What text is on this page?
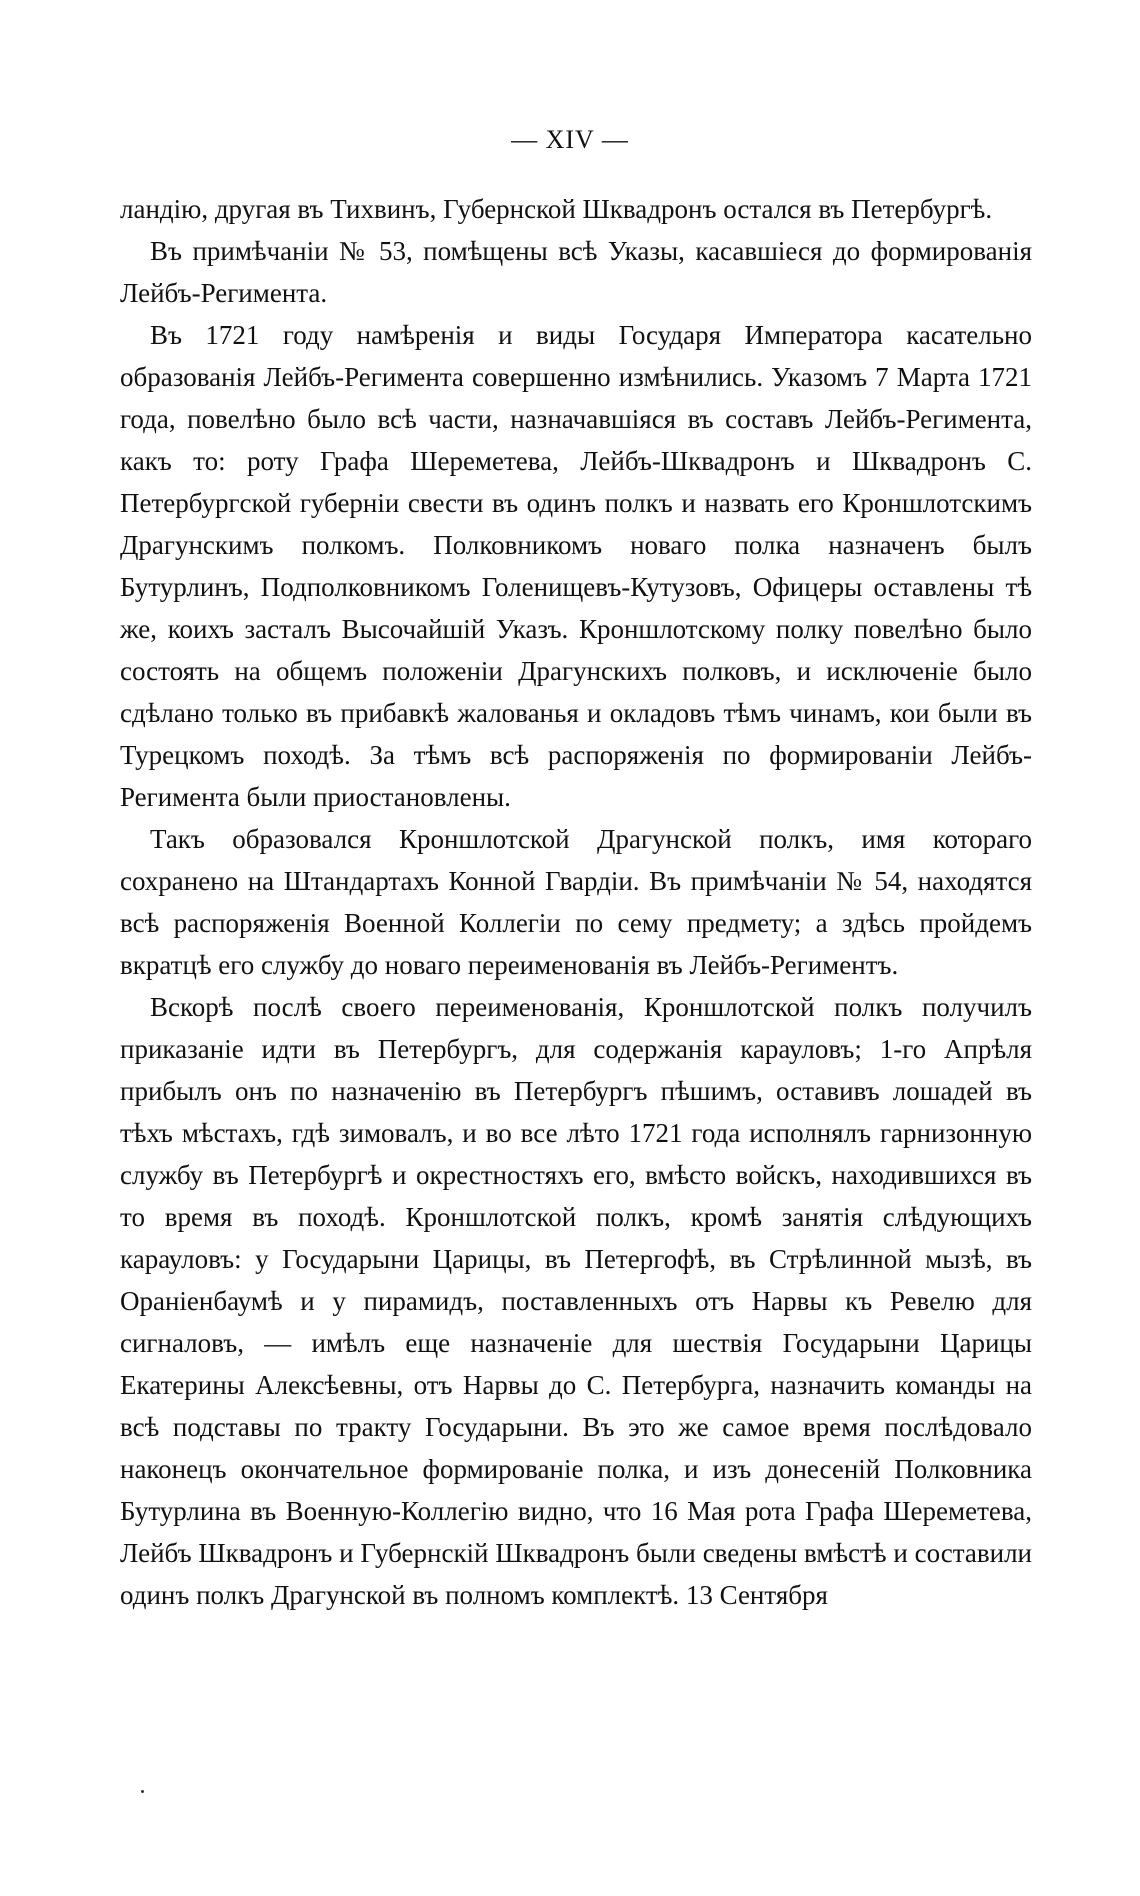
— XIV —

ландію, другая въ Тихвинъ, Губернской Шквадронъ остался въ Петербургѣ.

Въ примѣчаніи № 53, помѣщены всѣ Указы, касавшіеся до формированія Лейбъ-Регимента.

Въ 1721 году намѣренія и виды Государя Императора касательно образованія Лейбъ-Регимента совершенно измѣнились. Указомъ 7 Марта 1721 года, повелѣно было всѣ части, назначавшіяся въ составъ Лейбъ-Регимента, какъ то: роту Графа Шереметева, Лейбъ-Шквадронъ и Шквадронъ С. Петербургской губерніи свести въ одинъ полкъ и назвать его Кроншлотскимъ Драгунскимъ полкомъ. Полковникомъ новаго полка назначенъ былъ Бутурлинъ, Подполковникомъ Голенищевъ-Кутузовъ, Офицеры оставлены тѣ же, коихъ засталъ Высочайшій Указъ. Кроншлотскому полку повелѣно было состоять на общемъ положеніи Драгунскихъ полковъ, и исключеніе было сдѣлано только въ прибавкѣ жалованья и окладовъ тѣмъ чинамъ, кои были въ Турецкомъ походѣ. За тѣмъ всѣ распоряженія по формированіи Лейбъ-Регимента были приостановлены.

Такъ образовался Кроншлотской Драгунской полкъ, имя котораго сохранено на Штандартахъ Конной Гвардіи. Въ примѣчаніи № 54, находятся всѣ распоряженія Военной Коллегіи по сему предмету; а здѣсь пройдемъ вкратцѣ его службу до новаго переименованія въ Лейбъ-Региментъ.

Вскорѣ послѣ своего переименованія, Кроншлотской полкъ получилъ приказаніе идти въ Петербургъ, для содержанія карауловъ; 1-го Апрѣля прибылъ онъ по назначенію въ Петербургъ пѣшимъ, оставивъ лошадей въ тѣхъ мѣстахъ, гдѣ зимовалъ, и во все лѣто 1721 года исполнялъ гарнизонную службу въ Петербургѣ и окрестностяхъ его, вмѣсто войскъ, находившихся въ то время въ походѣ. Кроншлотской полкъ, кромѣ занятія слѣдующихъ карауловъ: у Государыни Царицы, въ Петергофѣ, въ Стрѣлинной мызѣ, въ Ораніенбаумѣ и у пирамидъ, поставленныхъ отъ Нарвы къ Ревелю для сигналовъ, — имѣлъ еще назначеніе для шествія Государыни Царицы Екатерины Алексѣевны, отъ Нарвы до С. Петербурга, назначить команды на всѣ подставы по тракту Государыни. Въ это же самое время послѣдовало наконецъ окончательное формированіе полка, и изъ донесеній Полковника Бутурлина въ Военную-Коллегію видно, что 16 Мая рота Графа Шереметева, Лейбъ Шквадронъ и Губернскій Шквадронъ были сведены вмѣстѣ и составили одинъ полкъ Драгунской въ полномъ комплектѣ. 13 Сентября
